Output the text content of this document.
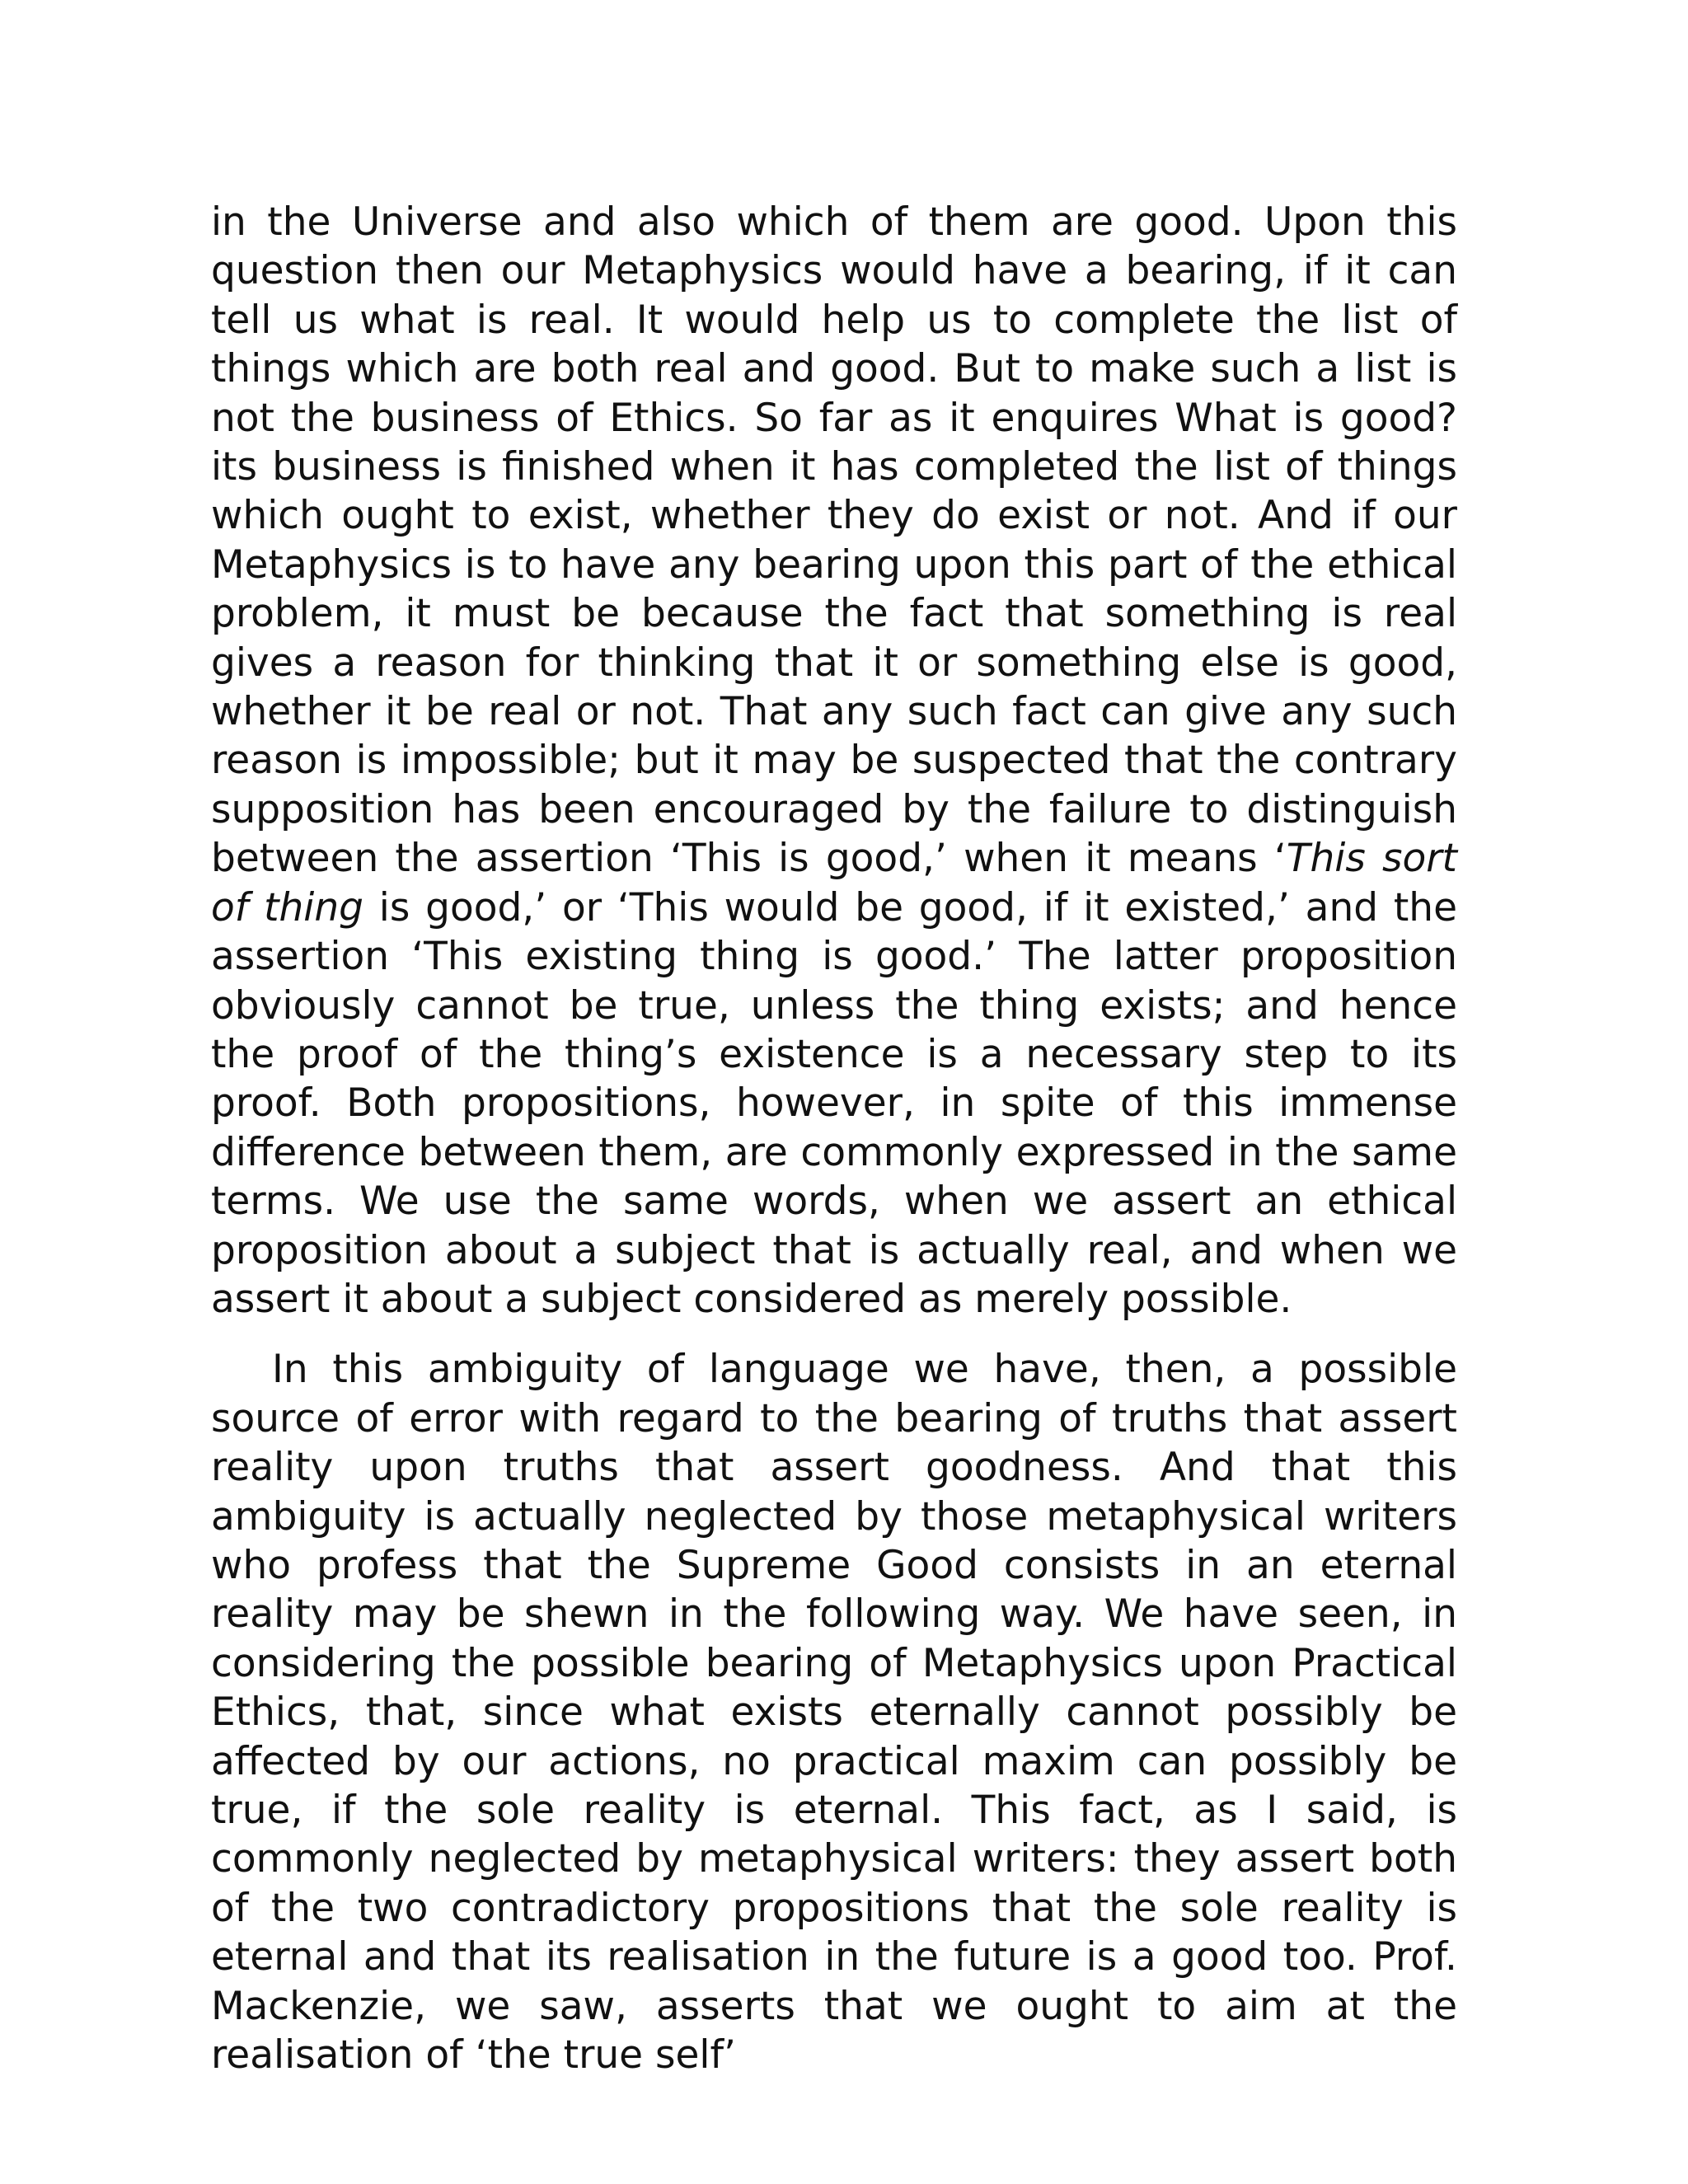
in the Universe and also which of them are good. Upon this question then our Metaphysics would have a bearing, if it can tell us what is real. It would help us to complete the list of things which are both real and good. But to make such a list is not the business of Ethics. So far as it enquires What is good? its business is finished when it has completed the list of things which ought to exist, whether they do exist or not. And if our Metaphysics is to have any bearing upon this part of the ethical problem, it must be because the fact that something is real gives a reason for thinking that it or something else is good, whether it be real or not. That any such fact can give any such reason is impossible; but it may be suspected that the contrary supposition has been encouraged by the failure to distinguish between the assertion ‘This is good,’ when it means ‘This sort of thing is good,’ or ‘This would be good, if it existed,’ and the assertion ‘This existing thing is good.’ The latter proposition obviously cannot be true, unless the thing exists; and hence the proof of the thing’s existence is a necessary step to its proof. Both propositions, however, in spite of this immense difference between them, are commonly expressed in the same terms. We use the same words, when we assert an ethical proposition about a subject that is actually real, and when we assert it about a subject considered as merely possible.

In this ambiguity of language we have, then, a possible source of error with regard to the bearing of truths that assert reality upon truths that assert goodness. And that this ambiguity is actually neglected by those metaphysical writers who profess that the Supreme Good consists in an eternal reality may be shewn in the following way. We have seen, in considering the possible bearing of Metaphysics upon Practical Ethics, that, since what exists eternally cannot possibly be affected by our actions, no practical maxim can possibly be true, if the sole reality is eternal. This fact, as I said, is commonly neglected by metaphysical writers: they assert both of the two contradictory propositions that the sole reality is eternal and that its realisation in the future is a good too. Prof. Mackenzie, we saw, asserts that we ought to aim at the realisation of ‘the true self’
